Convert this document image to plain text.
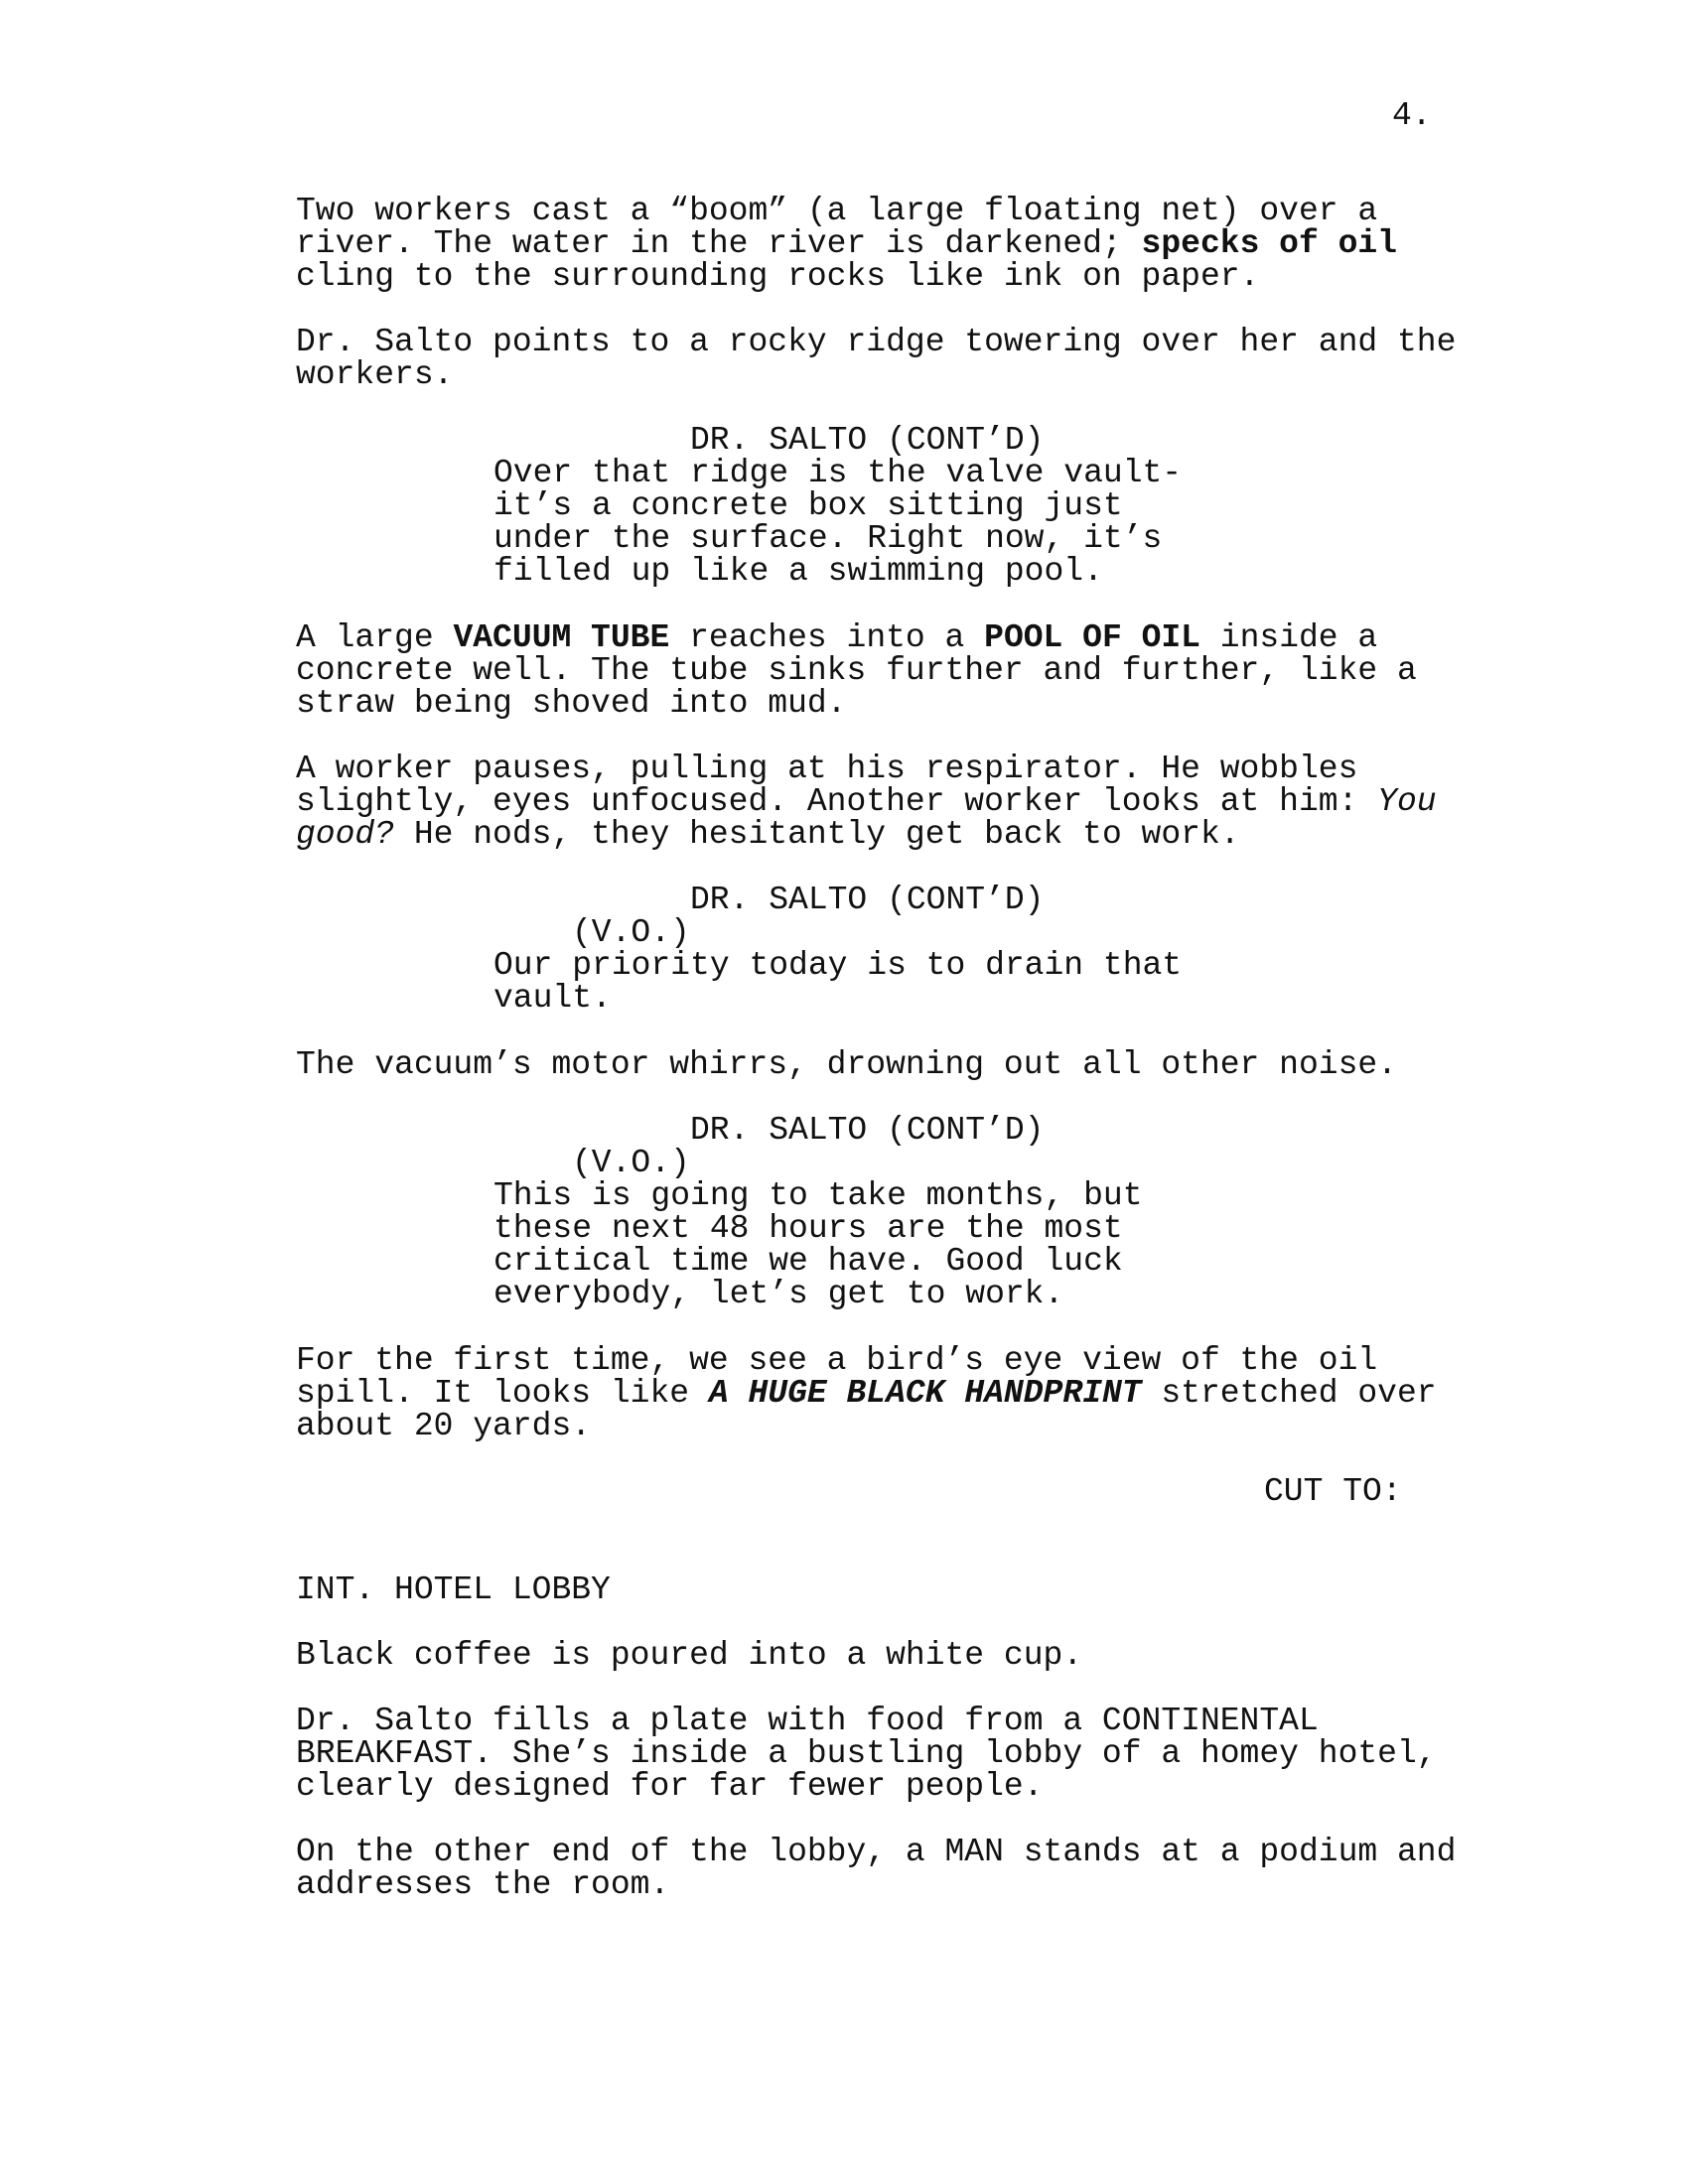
4.
Two workers cast a “boom” (a large floating net) over a
river. The water in the river is darkened; specks of oil
cling to the surrounding rocks like ink on paper.
Dr. Salto points to a rocky ridge towering over her and the
workers.
DR. SALTO (CONT’D)
Over that ridge is the valve vault-
it’s a concrete box sitting just
under the surface. Right now, it’s
filled up like a swimming pool.
A large VACUUM TUBE reaches into a POOL OF OIL inside a
concrete well. The tube sinks further and further, like a
straw being shoved into mud.
A worker pauses, pulling at his respirator. He wobbles
slightly, eyes unfocused. Another worker looks at him: You
good? He nods, they hesitantly get back to work.
DR. SALTO (CONT’D)
(V.O.)
Our priority today is to drain that
vault.
The vacuum’s motor whirrs, drowning out all other noise.
DR. SALTO (CONT’D)
(V.O.)
This is going to take months, but
these next 48 hours are the most
critical time we have. Good luck
everybody, let’s get to work.
For the first time, we see a bird’s eye view of the oil
spill. It looks like A HUGE BLACK HANDPRINT stretched over
about 20 yards.
CUT TO:
INT. HOTEL LOBBY
Black coffee is poured into a white cup.
Dr. Salto fills a plate with food from a CONTINENTAL
BREAKFAST. She’s inside a bustling lobby of a homey hotel,
clearly designed for far fewer people.
On the other end of the lobby, a MAN stands at a podium and
addresses the room.
